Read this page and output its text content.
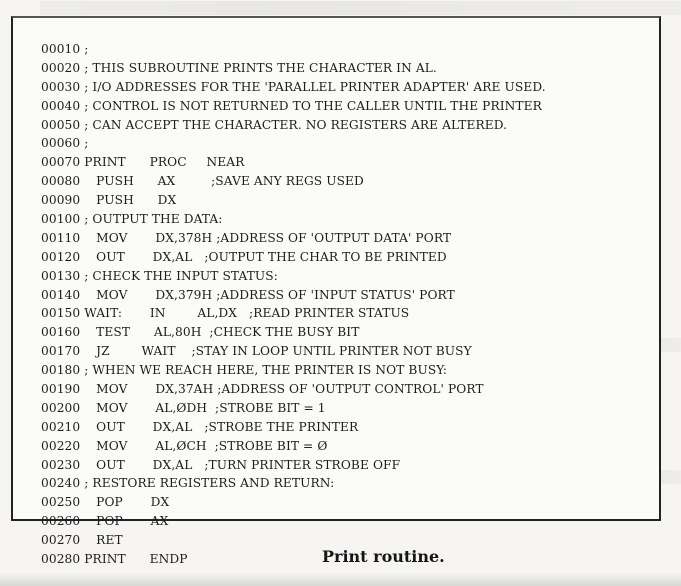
00010 ;
00020 ; THIS SUBROUTINE PRINTS THE CHARACTER IN AL.
00030 ; I/O ADDRESSES FOR THE 'PARALLEL PRINTER ADAPTER' ARE USED.
00040 ; CONTROL IS NOT RETURNED TO THE CALLER UNTIL THE PRINTER
00050 ; CAN ACCEPT THE CHARACTER. NO REGISTERS ARE ALTERED.
00060 ;
00070 PRINT      PROC     NEAR
00080    PUSH      AX         ;SAVE ANY REGS USED
00090    PUSH      DX
00100 ; OUTPUT THE DATA:
00110    MOV       DX,378H ;ADDRESS OF 'OUTPUT DATA' PORT
00120    OUT       DX,AL   ;OUTPUT THE CHAR TO BE PRINTED
00130 ; CHECK THE INPUT STATUS:
00140    MOV       DX,379H ;ADDRESS OF 'INPUT STATUS' PORT
00150 WAIT:       IN        AL,DX   ;READ PRINTER STATUS
00160    TEST      AL,80H  ;CHECK THE BUSY BIT
00170    JZ        WAIT    ;STAY IN LOOP UNTIL PRINTER NOT BUSY
00180 ; WHEN WE REACH HERE, THE PRINTER IS NOT BUSY:
00190    MOV       DX,37AH ;ADDRESS OF 'OUTPUT CONTROL' PORT
00200    MOV       AL,ØDH  ;STROBE BIT = 1
00210    OUT       DX,AL   ;STROBE THE PRINTER
00220    MOV       AL,ØCH  ;STROBE BIT = Ø
00230    OUT       DX,AL   ;TURN PRINTER STROBE OFF
00240 ; RESTORE REGISTERS AND RETURN:
00250    POP       DX
00260    POP       AX
00270    RET
00280 PRINT      ENDP	Print routine.
